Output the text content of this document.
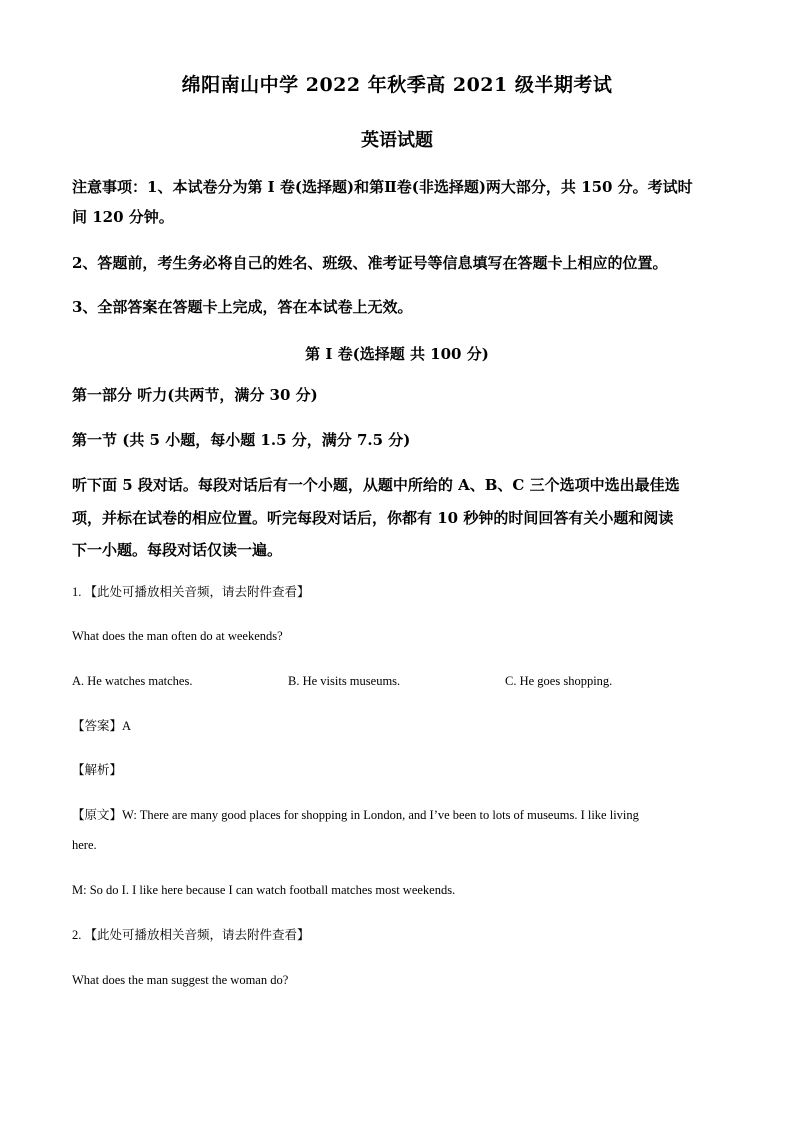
绵阳南山中学 2022 年秋季高 2021 级半期考试
英语试题
注意事项：1、本试卷分为第 I 卷(选择题)和第Ⅱ卷(非选择题)两大部分，共 150 分。考试时
间 120 分钟。
2、答题前，考生务必将自己的姓名、班级、准考证号等信息填写在答题卡上相应的位置。
3、全部答案在答题卡上完成，答在本试卷上无效。
第 I 卷(选择题 共 100 分)
第一部分 听力(共两节，满分 30 分)
第一节 (共 5 小题，每小题 1.5 分，满分 7.5 分)
听下面 5 段对话。每段对话后有一个小题，从题中所给的 A、B、C 三个选项中选出最佳选
项，并标在试卷的相应位置。听完每段对话后，你都有 10 秒钟的时间回答有关小题和阅读
下一小题。每段对话仅读一遍。
1. 【此处可播放相关音频，请去附件查看】
What does the man often do at weekends?
A. He watches matches.	B. He visits museums.	C. He goes shopping.
【答案】A
【解析】
【原文】W: There are many good places for shopping in London, and I’ve been to lots of museums. I like living
here.
M: So do I. I like here because I can watch football matches most weekends.
2. 【此处可播放相关音频，请去附件查看】
What does the man suggest the woman do?
